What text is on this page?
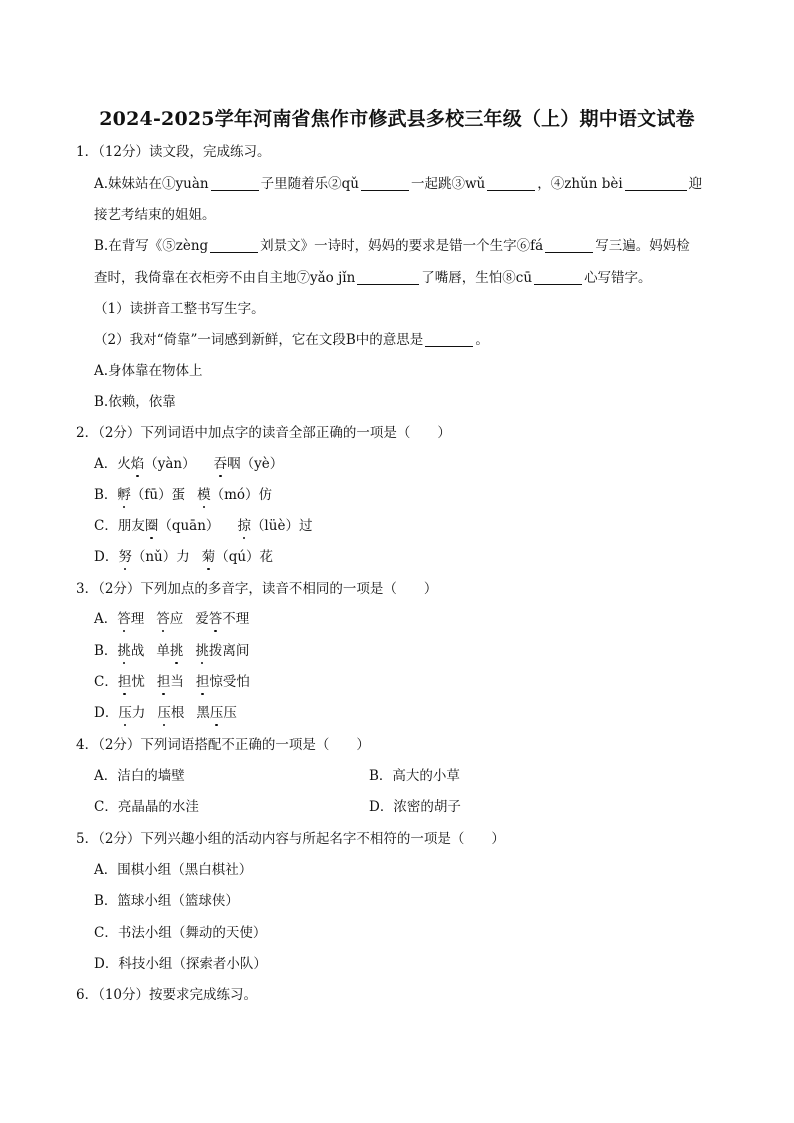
2024-2025学年河南省焦作市修武县多校三年级（上）期中语文试卷
1．（12分）读文段，完成练习。
A.妹妹站在①yuàn	子里随着乐②qǔ	一起跳③wǔ	，④zhǔn bèi	迎
接艺考结束的姐姐。
B.在背写《⑤zèng	刘景文》一诗时，妈妈的要求是错一个生字⑥fá	写三遍。妈妈检
查时，我倚靠在衣柜旁不由自主地⑦yǎo jǐn	了嘴唇，生怕⑧cū	心写错字。
（1）读拼音工整书写生字。
（2）我对“倚靠”一词感到新鲜，它在文段B中的意思是	。
A.身体靠在物体上
B.依赖，依靠
2．（2分）下列词语中加点字的读音全部正确的一项是（　　）
A．火焰（yàn） 吞咽（yè）
B．孵（fū）蛋 模（mó）仿
C．朋友圈（quān） 掠（lüè）过
D．努（nǔ）力 菊（qú）花
3．（2分）下列加点的多音字，读音不相同的一项是（　　）
A．答理 答应 爱答不理
B．挑战 单挑 挑拨离间
C．担忧 担当 担惊受怕
D．压力 压根 黑压压
4．（2分）下列词语搭配不正确的一项是（　　）
A．洁白的墙壁	B．高大的小草
C．亮晶晶的水洼	D．浓密的胡子
5．（2分）下列兴趣小组的活动内容与所起名字不相符的一项是（　　）
A．围棋小组（黑白棋社）
B．篮球小组（篮球侠）
C．书法小组（舞动的天使）
D．科技小组（探索者小队）
6．（10分）按要求完成练习。
